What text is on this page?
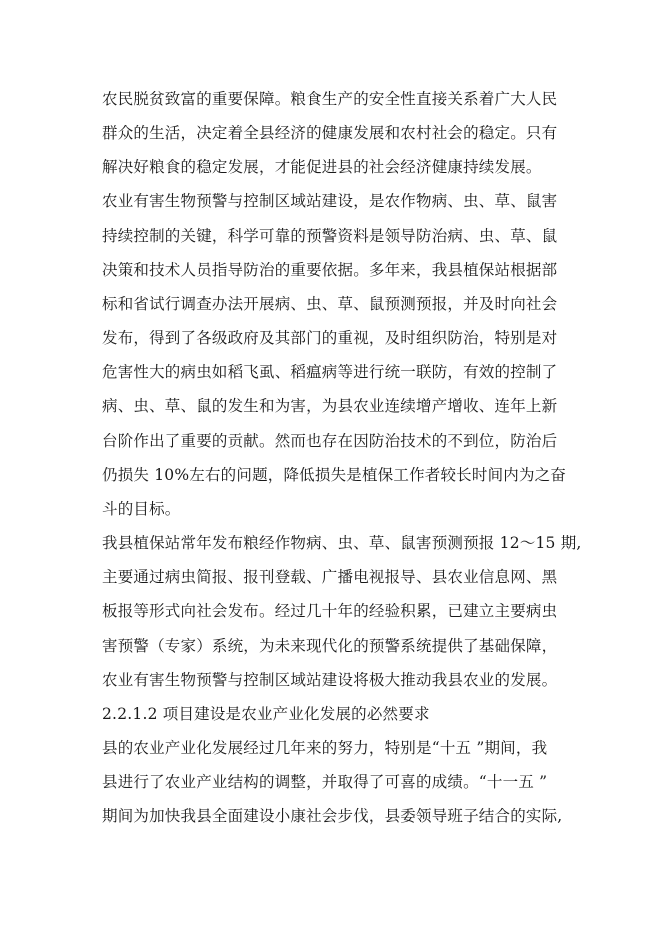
农民脱贫致富的重要保障。粮食生产的安全性直接关系着广大人民
群众的生活，决定着全县经济的健康发展和农村社会的稳定。只有
解决好粮食的稳定发展，才能促进县的社会经济健康持续发展。
农业有害生物预警与控制区域站建设，是农作物病、虫、草、鼠害
持续控制的关键，科学可靠的预警资料是领导防治病、虫、草、鼠
决策和技术人员指导防治的重要依据。多年来，我县植保站根据部
标和省试行调查办法开展病、虫、草、鼠预测预报，并及时向社会
发布，得到了各级政府及其部门的重视，及时组织防治，特别是对
危害性大的病虫如稻飞虱、稻瘟病等进行统一联防，有效的控制了
病、虫、草、鼠的发生和为害，为县农业连续增产增收、连年上新
台阶作出了重要的贡献。然而也存在因防治技术的不到位，防治后
仍损失 10%左右的问题，降低损失是植保工作者较长时间内为之奋
斗的目标。
我县植保站常年发布粮经作物病、虫、草、鼠害预测预报 12～15 期,
主要通过病虫简报、报刊登载、广播电视报导、县农业信息网、黑
板报等形式向社会发布。经过几十年的经验积累，已建立主要病虫
害预警（专家）系统，为未来现代化的预警系统提供了基础保障，
农业有害生物预警与控制区域站建设将极大推动我县农业的发展。
2.2.1.2 项目建设是农业产业化发展的必然要求
县的农业产业化发展经过几年来的努力，特别是“十五 ”期间，我
县进行了农业产业结构的调整，并取得了可喜的成绩。“十一五 ”
期间为加快我县全面建设小康社会步伐，县委领导班子结合的实际,
